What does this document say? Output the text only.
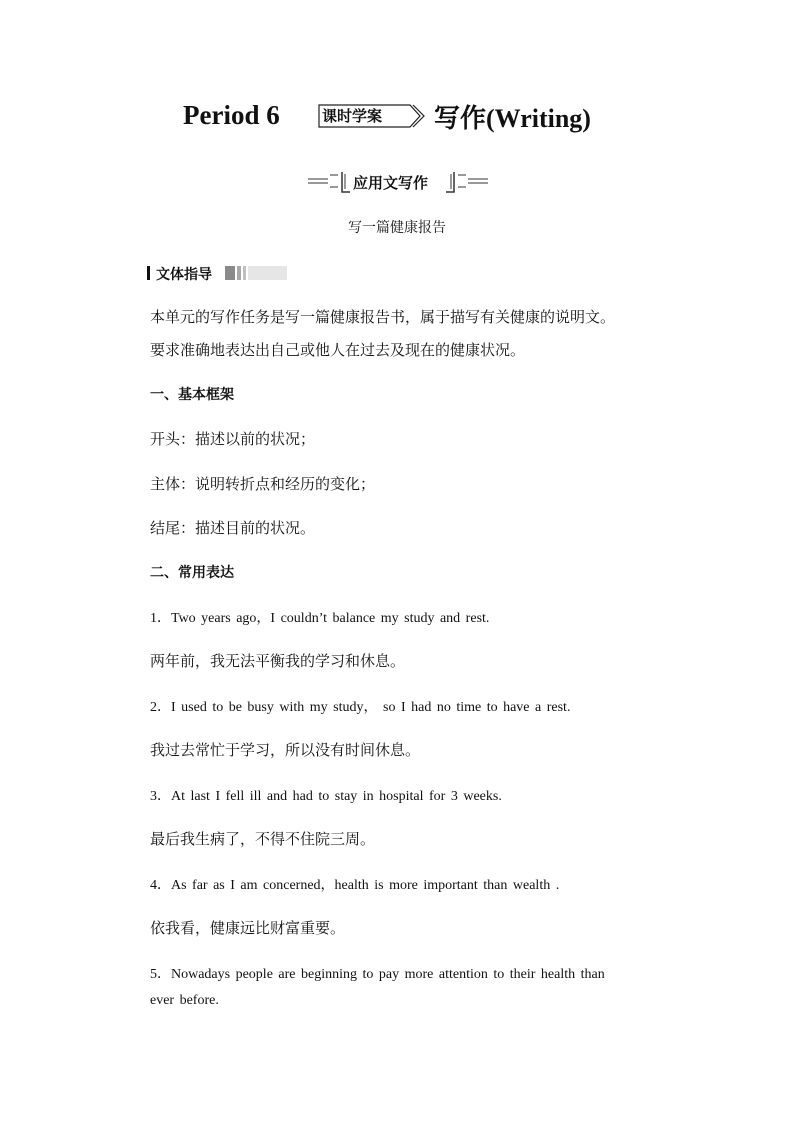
Period 6	课时学案 写作(Writing)
应用文写作
写一篇健康报告
文体指导
本单元的写作任务是写一篇健康报告书，属于描写有关健康的说明文。
要求准确地表达出自己或他人在过去及现在的健康状况。
一、基本框架
开头：描述以前的状况；
主体：说明转折点和经历的变化；
结尾：描述目前的状况。
二、常用表达
1．Two years ago，I couldn’t balance my study and rest.
两年前，我无法平衡我的学习和休息。
2．I used to be busy with my study， so I had no time to have a rest.
我过去常忙于学习，所以没有时间休息。
3．At last I fell ill and had to stay in hospital for 3 weeks.
最后我生病了，不得不住院三周。
4．As far as I am concerned，health is more important than wealth .
依我看，健康远比财富重要。
5．Nowadays people are beginning to pay more attention to their health than
ever before.
